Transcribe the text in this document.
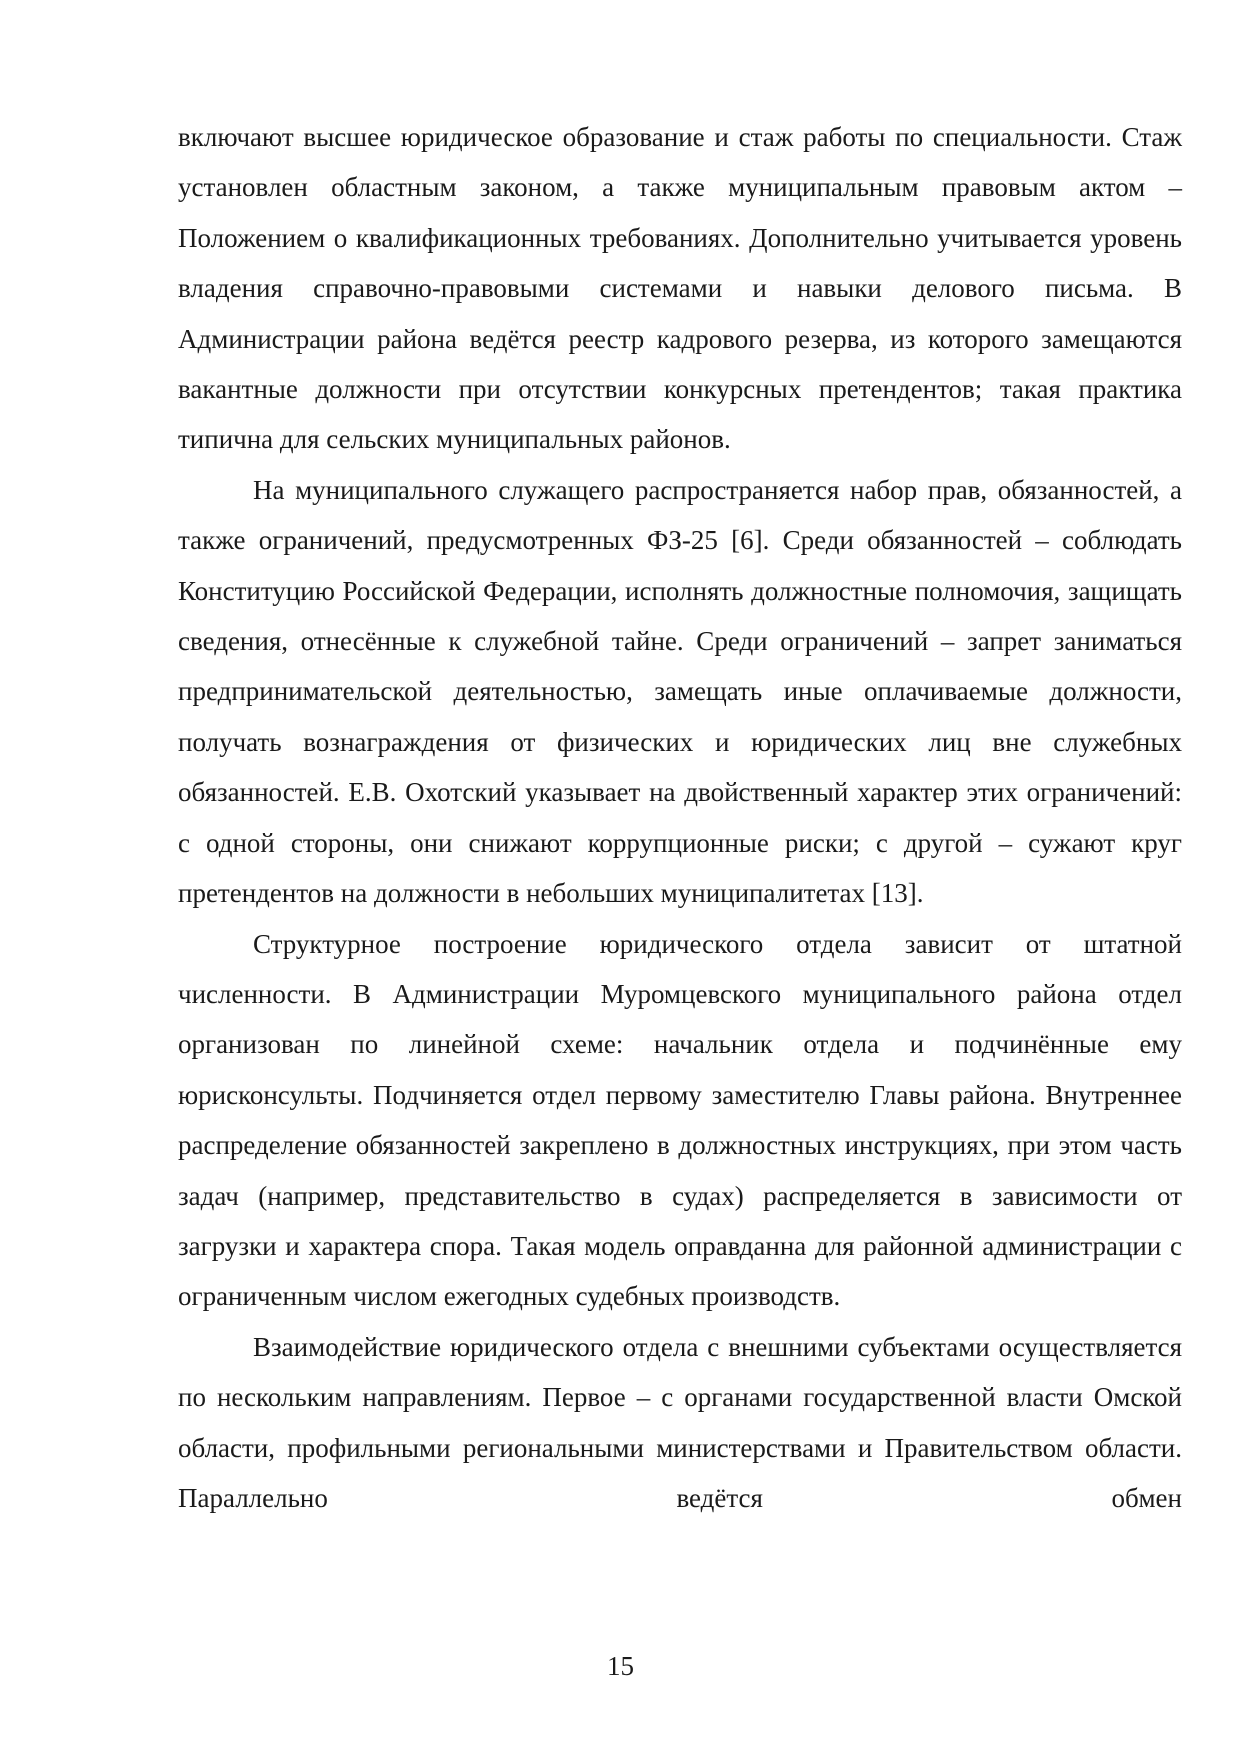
включают высшее юридическое образование и стаж работы по специальности. Стаж установлен областным законом, а также муниципальным правовым актом – Положением о квалификационных требованиях. Дополнительно учитывается уровень владения справочно-правовыми системами и навыки делового письма. В Администрации района ведётся реестр кадрового резерва, из которого замещаются вакантные должности при отсутствии конкурсных претендентов; такая практика типична для сельских муниципальных районов.

На муниципального служащего распространяется набор прав, обязанностей, а также ограничений, предусмотренных ФЗ-25 [6]. Среди обязанностей – соблюдать Конституцию Российской Федерации, исполнять должностные полномочия, защищать сведения, отнесённые к служебной тайне. Среди ограничений – запрет заниматься предпринимательской деятельностью, замещать иные оплачиваемые должности, получать вознаграждения от физических и юридических лиц вне служебных обязанностей. Е.В. Охотский указывает на двойственный характер этих ограничений: с одной стороны, они снижают коррупционные риски; с другой – сужают круг претендентов на должности в небольших муниципалитетах [13].

Структурное построение юридического отдела зависит от штатной численности. В Администрации Муромцевского муниципального района отдел организован по линейной схеме: начальник отдела и подчинённые ему юрисконсульты. Подчиняется отдел первому заместителю Главы района. Внутреннее распределение обязанностей закреплено в должностных инструкциях, при этом часть задач (например, представительство в судах) распределяется в зависимости от загрузки и характера спора. Такая модель оправданна для районной администрации с ограниченным числом ежегодных судебных производств.

Взаимодействие юридического отдела с внешними субъектами осуществляется по нескольким направлениям. Первое – с органами государственной власти Омской области, профильными региональными министерствами и Правительством области. Параллельно ведётся обмен

15
